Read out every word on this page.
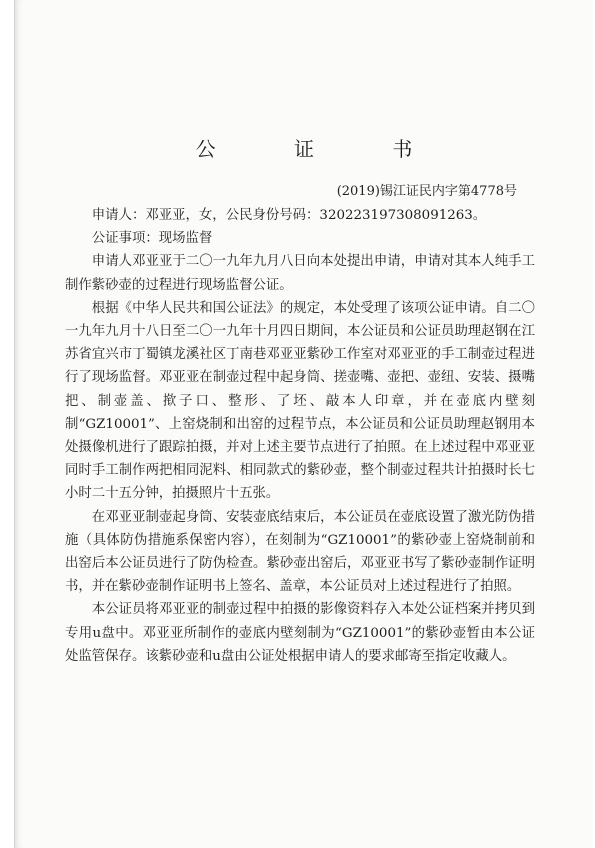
公 证 书
(2019)锡江证民内字第4778号

申请人：邓亚亚，女，公民身份号码：320223197308091263。

公证事项：现场监督

申请人邓亚亚于二〇一九年九月八日向本处提出申请，申请对其本人纯手工制作紫砂壶的过程进行现场监督公证。

根据《中华人民共和国公证法》的规定，本处受理了该项公证申请。自二〇一九年九月十八日至二〇一九年十月四日期间，本公证员和公证员助理赵钢在江苏省宜兴市丁蜀镇龙溪社区丁南巷邓亚亚紫砂工作室对邓亚亚的手工制壶过程进行了现场监督。邓亚亚在制壶过程中起身筒、搓壶嘴、壶把、壶纽、安装、摄嘴把、制壶盖、揿子口、整形、了坯、敲本人印章，并在壶底内壁刻制“GZ10001”、上窑烧制和出窑的过程节点，本公证员和公证员助理赵钢用本处摄像机进行了跟踪拍摄，并对上述主要节点进行了拍照。在上述过程中邓亚亚同时手工制作两把相同泥料、相同款式的紫砂壶，整个制壶过程共计拍摄时长七小时二十五分钟，拍摄照片十五张。

在邓亚亚制壶起身筒、安装壶底结束后，本公证员在壶底设置了激光防伪措施（具体防伪措施系保密内容），在刻制为“GZ10001”的紫砂壶上窑烧制前和出窑后本公证员进行了防伪检查。紫砂壶出窑后，邓亚亚书写了紫砂壶制作证明书，并在紫砂壶制作证明书上签名、盖章，本公证员对上述过程进行了拍照。

本公证员将邓亚亚的制壶过程中拍摄的影像资料存入本处公证档案并拷贝到专用u盘中。邓亚亚所制作的壶底内壁刻制为“GZ10001”的紫砂壶暂由本公证处监管保存。该紫砂壶和u盘由公证处根据申请人的要求邮寄至指定收藏人。
